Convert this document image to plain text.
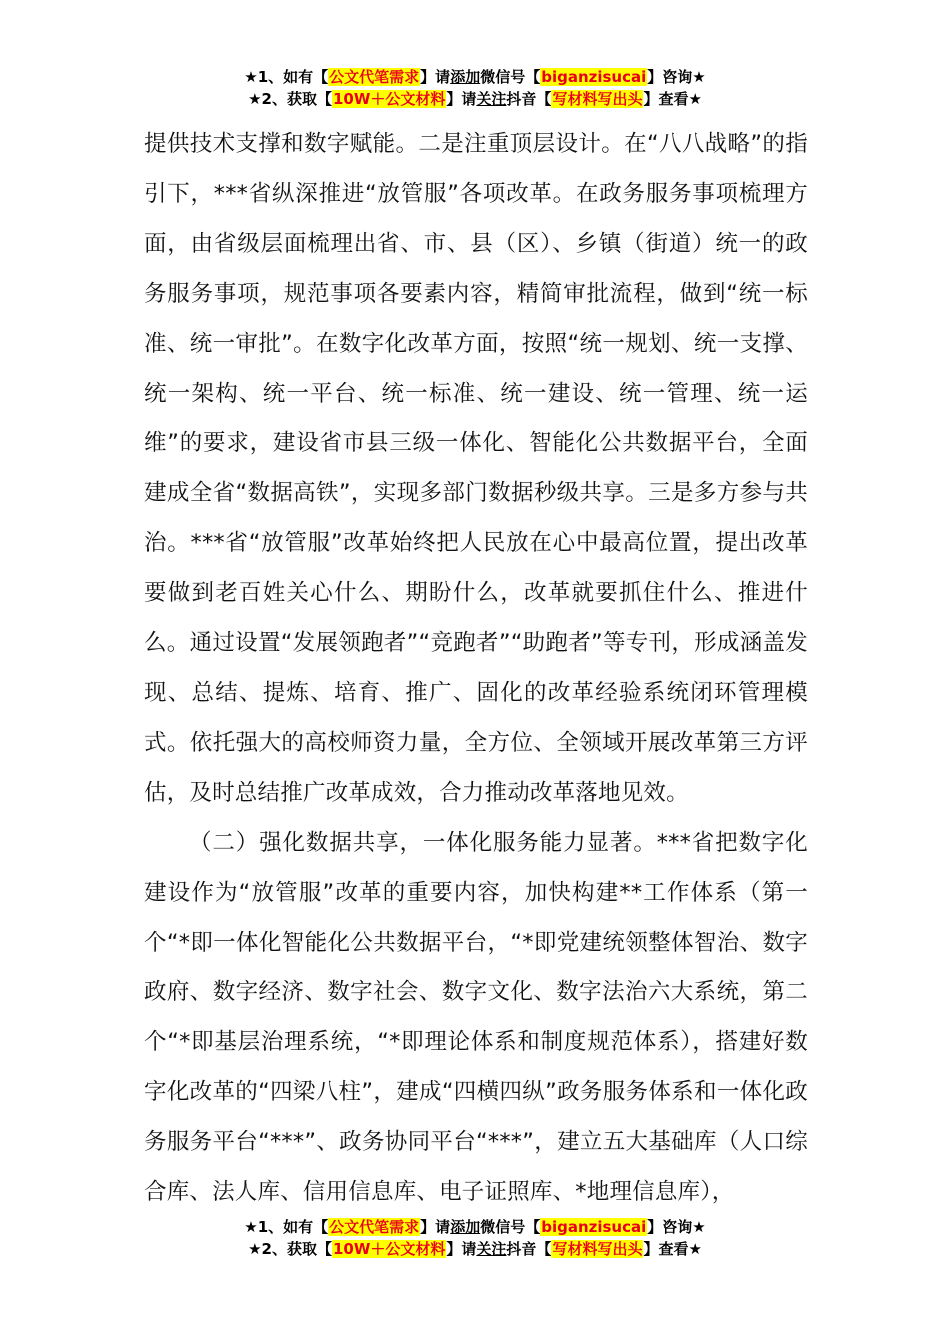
★1、如有【公文代笔需求】请添加微信号【biganzisucai】咨询★
★2、获取【10W＋公文材料】请关注抖音【写材料写出头】查看★

提供技术支撑和数字赋能。二是注重顶层设计。在“八八战略”的指引下，***省纵深推进“放管服”各项改革。在政务服务事项梳理方面，由省级层面梳理出省、市、县（区）、乡镇（街道）统一的政务服务事项，规范事项各要素内容，精简审批流程，做到“统一标准、统一审批”。在数字化改革方面，按照“统一规划、统一支撑、统一架构、统一平台、统一标准、统一建设、统一管理、统一运维”的要求，建设省市县三级一体化、智能化公共数据平台，全面建成全省“数据高铁”，实现多部门数据秒级共享。三是多方参与共治。***省“放管服”改革始终把人民放在心中最高位置，提出改革要做到老百姓关心什么、期盼什么，改革就要抓住什么、推进什么。通过设置“发展领跑者”“竞跑者”“助跑者”等专刊，形成涵盖发现、总结、提炼、培育、推广、固化的改革经验系统闭环管理模式。依托强大的高校师资力量，全方位、全领域开展改革第三方评估，及时总结推广改革成效，合力推动改革落地见效。

（二）强化数据共享，一体化服务能力显著。***省把数字化建设作为“放管服”改革的重要内容，加快构建**工作体系（第一个“*即一体化智能化公共数据平台，“*即党建统领整体智治、数字政府、数字经济、数字社会、数字文化、数字法治六大系统，第二个“*即基层治理系统，“*即理论体系和制度规范体系），搭建好数字化改革的“四梁八柱”，建成“四横四纵”政务服务体系和一体化政务服务平台“***”、政务协同平台“***”，建立五大基础库（人口综合库、法人库、信用信息库、电子证照库、*地理信息库），

★1、如有【公文代笔需求】请添加微信号【biganzisucai】咨询★
★2、获取【10W＋公文材料】请关注抖音【写材料写出头】查看★
